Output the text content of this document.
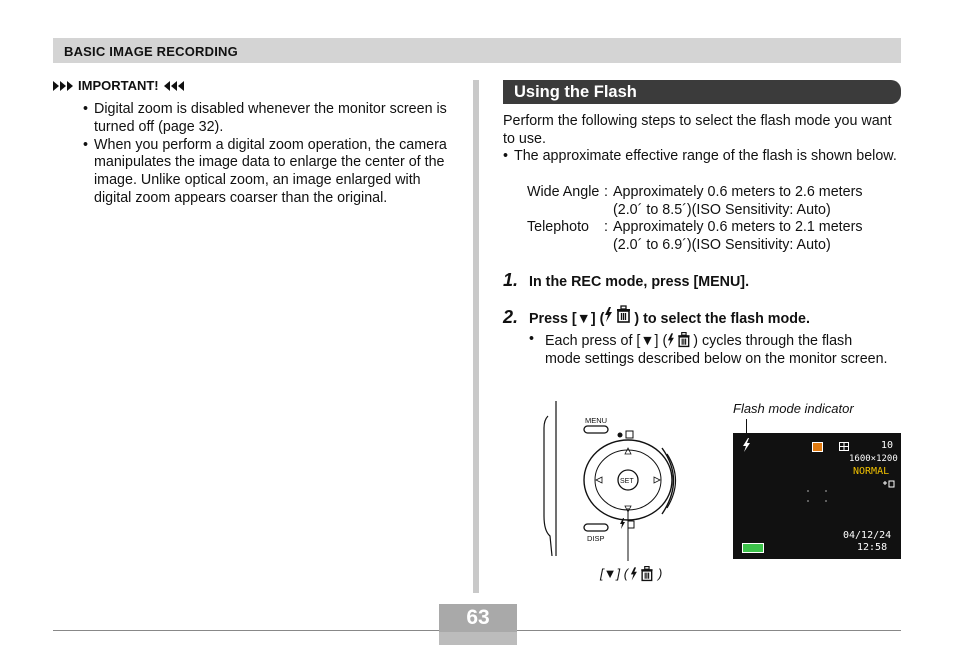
BASIC IMAGE RECORDING
IMPORTANT!
• Digital zoom is disabled whenever the monitor screen is turned off (page 32).
• When you perform a digital zoom operation, the camera manipulates the image data to enlarge the center of the image. Unlike optical zoom, an image enlarged with digital zoom appears coarser than the original.
Using the Flash
Perform the following steps to select the flash mode you want to use.
• The approximate effective range of the flash is shown below.
Wide Angle : Approximately 0.6 meters to 2.6 meters
(2.0´ to 8.5´)(ISO Sensitivity: Auto)
Telephoto : Approximately 0.6 meters to 2.1 meters
(2.0´ to 6.9´)(ISO Sensitivity: Auto)
1. In the REC mode, press [MENU].
2. Press [▼] ( ) to select the flash mode.
• Each press of [▼] ( ) cycles through the flash mode settings described below on the monitor screen.
MENU
SET
DISP
[▼] ( )
Flash mode indicator
10
1600×1200
NORMAL
04/12/24
12:58
63
